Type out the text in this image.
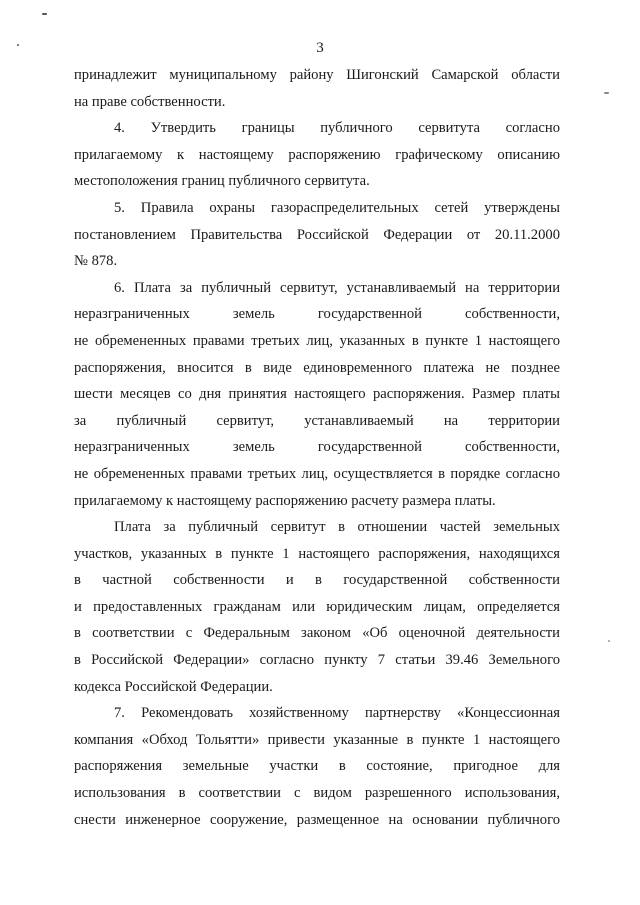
3
принадлежит муниципальному району Шигонский Самарской области
на праве собственности.
4. Утвердить границы публичного сервитута согласно
прилагаемому к настоящему распоряжению графическому описанию
местоположения границ публичного сервитута.
5. Правила охраны газораспределительных сетей утверждены
постановлением Правительства Российской Федерации от 20.11.2000
№ 878.
6. Плата за публичный сервитут, устанавливаемый на территории
неразграниченных земель государственной собственности,
не обремененных правами третьих лиц, указанных в пункте 1 настоящего
распоряжения, вносится в виде единовременного платежа не позднее
шести месяцев со дня принятия настоящего распоряжения. Размер платы
за публичный сервитут, устанавливаемый на территории
неразграниченных земель государственной собственности,
не обремененных правами третьих лиц, осуществляется в порядке согласно
прилагаемому к настоящему распоряжению расчету размера платы.
Плата за публичный сервитут в отношении частей земельных
участков, указанных в пункте 1 настоящего распоряжения, находящихся
в частной собственности и в государственной собственности
и предоставленных гражданам или юридическим лицам, определяется
в соответствии с Федеральным законом «Об оценочной деятельности
в Российской Федерации» согласно пункту 7 статьи 39.46 Земельного
кодекса Российской Федерации.
7. Рекомендовать хозяйственному партнерству «Концессионная
компания «Обход Тольятти» привести указанные в пункте 1 настоящего
распоряжения земельные участки в состояние, пригодное для
использования в соответствии с видом разрешенного использования,
снести инженерное сооружение, размещенное на основании публичного
